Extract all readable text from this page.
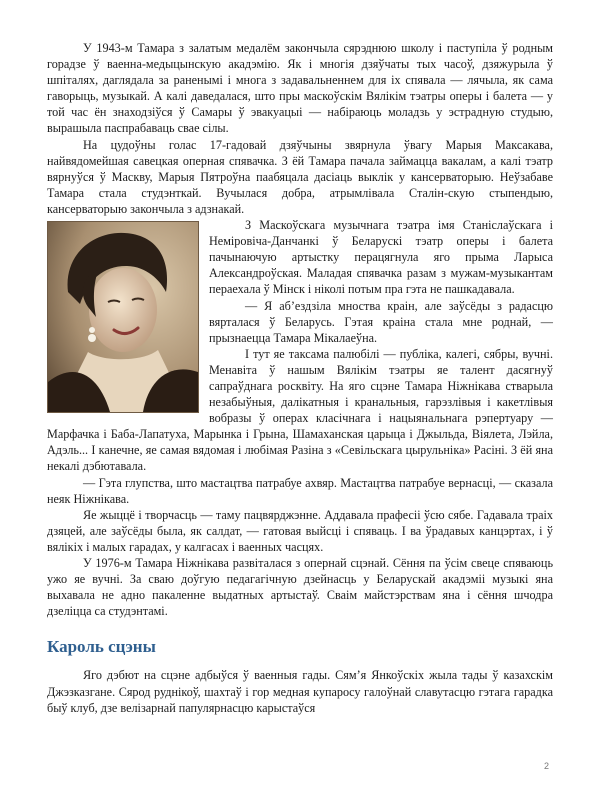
У 1943-м Тамара з залатым медалём закончыла сярэднюю школу і паступіла ў родным горадзе ў ваенна-медыцынскую акадэмію. Як і многія дзяўчаты тых часоў, дзяжурыла ў шпіталях, даглядала за раненымі і многа з задавальненнем для іх спявала — лячыла, як сама гаворыць, музыкай. А калі даведалася, што пры маскоўскім Вялікім тэатры оперы і балета — у той час ён знаходзіўся ў Самары ў эвакуацыі — набіраюць моладзь у эстрадную студыю, вырашыла паспрабаваць свае сілы.

На цудоўны голас 17-гадовай дзяўчыны звярнула ўвагу Марыя Максакава, найвядомейшая савецкая оперная спявачка. З ёй Тамара пачала займацца вакалам, а калі тэатр вярнуўся ў Маскву, Марыя Пятроўна паабяцала дасіаць выклік у кансерваторыю. Неўзабаве Тамара стала студэнткай. Вучылася добра, атрымлівала Сталін-скую стыпендыю, кансерваторыю закончыла з адзнакай.

З Маскоўскага музычнага тэатра імя Станіслаўскага і Неміровіча-Данчанкі ў Беларускі тэатр оперы і балета пачынаючую артыстку перацягнула яго прыма Ларыса Александроўская. Маладая спявачка разам з мужам-музыкантам пераехала ў Мінск і ніколі потым пра гэта не пашкадавала.

— Я аб’ездзіла мноства краін, але заўсёды з радасцю вярталася ў Беларусь. Гэтая краіна стала мне роднай, — прызнаецца Тамара Мікалаеўна.

І тут яе таксама палюбілі — публіка, калегі, сябры, вучні. Менавіта ў нашым Вялікім тэатры яе талент дасягнуў сапраўднага росквіту. На яго сцэне Тамара Ніжнікава стварыла незабыўныя, далікатныя і кранальныя, гарэзлівыя і какетлівыя вобразы ў операх класічнага і нацыянальнага рэпертуару — Марфачка і Баба-Лапатуха, Марынка і Грына, Шамаханская царыца і Джыльда, Віялета, Лэйла, Адэль... І канечне, яе самая вядомая і любімая Разіна з «Севільскага цырульніка» Расіні. З ёй яна некалі дэбютавала.

— Гэта глупства, што мастацтва патрабуе ахвяр. Мастацтва патрабуе вернасці, — сказала неяк Ніжнікава.

Яе жыццё і творчасць — таму пацвярджэнне. Аддавала прафесіі ўсю сябе. Гадавала траіх дзяцей, але заўсёды была, як салдат, — гатовая выйсці і спяваць. І ва ўрадавых канцэртах, і ў вялікіх і малых гарадах, у калгасах і ваенных часцях.

У 1976-м Тамара Ніжнікава развіталася з опернай сцэнай. Сёння па ўсім свеце спяваюць ужо яе вучні. За сваю доўгую педагагічную дзейнасць у Беларускай акадэміі музыкі яна выхавала не адно пакаленне выдатных артыстаў. Сваім майстэрствам яна і сёння шчодра дзеліцца са студэнтамі.

Кароль сцэны

Яго дэбют на сцэне адбыўся ў ваенныя гады. Сям’я Янкоўскіх жыла тады ў казахскім Джэзказгане. Сярод руднікоў, шахтаў і гор медная купарoсу галоўнай славутасцю гэтага гарадка быў клуб, дзе велізарнай папулярнасцю карыстаўся

2
